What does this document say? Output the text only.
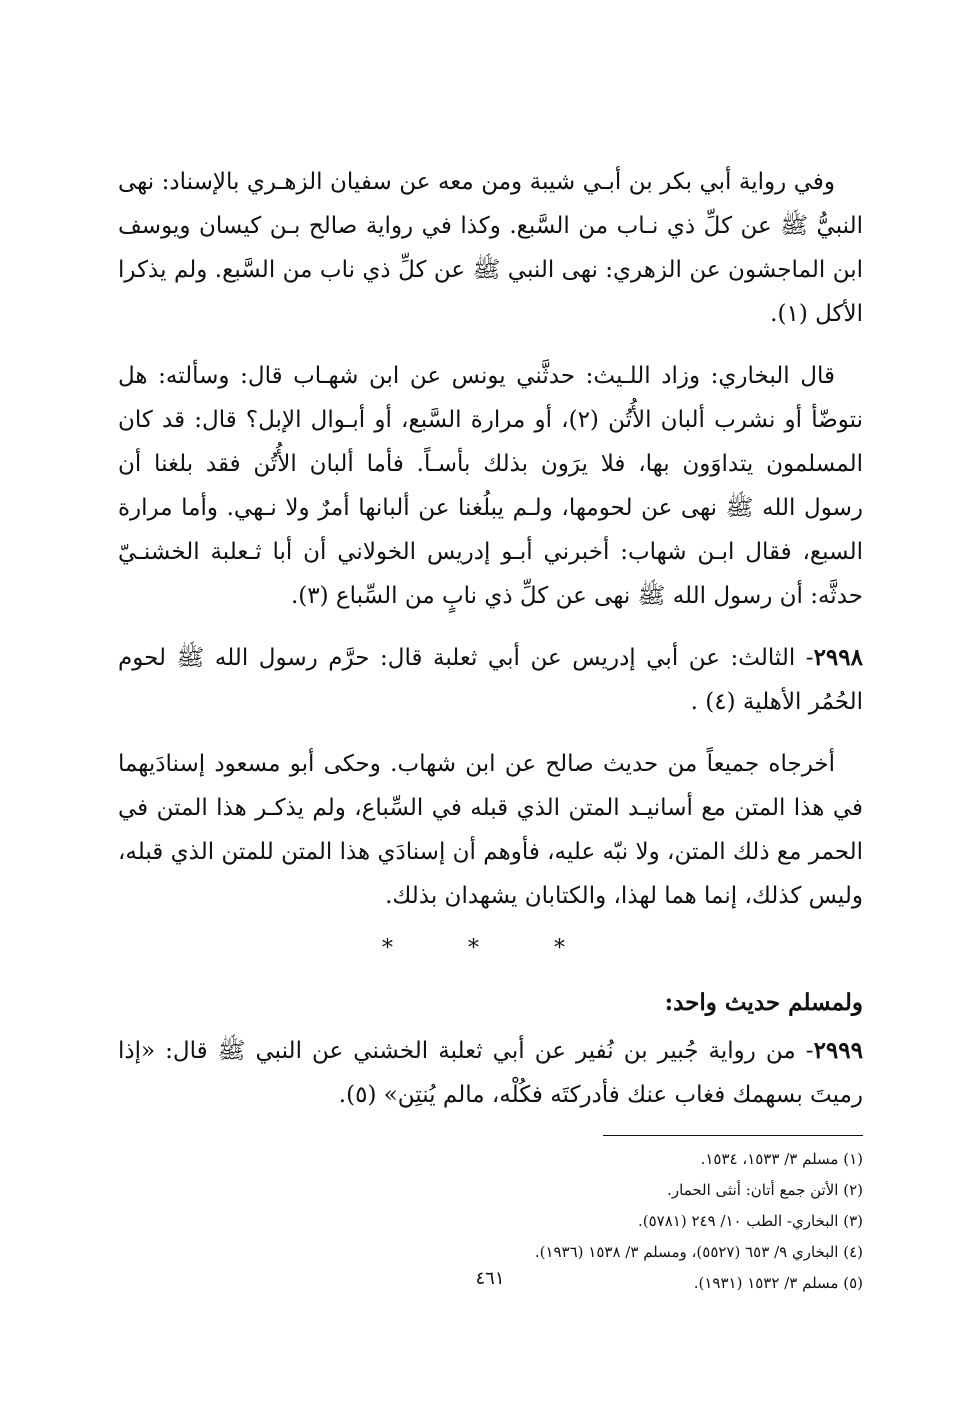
وفي رواية أبي بكر بن أبـي شيبة ومن معه عن سفيان الزهـري بالإسناد: نهى النبيُّ ﷺ عن كلِّ ذي نـاب من السَّبع. وكذا في رواية صالح بـن كيسان ويوسف ابن الماجشون عن الزهري: نهى النبي ﷺ عن كلِّ ذي ناب من السَّبع. ولم يذكرا الأكل (١).

قال البخاري: وزاد اللـيث: حدثَّني يونس عن ابن شهـاب قال: وسألته: هل نتوضّأ أو نشرب ألبان الأُتُن (٢)، أو مرارة السَّبع، أو أبـوال الإبل؟ قال: قد كان المسلمون يتداوَون بها، فلا يرَون بذلك بأسـاً. فأما ألبان الأُتُن فقد بلغنا أن رسول الله ﷺ نهى عن لحومها، ولـم يبلُغنا عن ألبانها أمرٌ ولا نـهي. وأما مرارة السبع، فقال ابـن شهاب: أخبرني أبـو إدريس الخولاني أن أبا ثـعلبة الخشنـيّ حدثَّه: أن رسول الله ﷺ نهى عن كلِّ ذي نابٍ من السِّباع (٣).

٢٩٩٨- الثالث: عن أبي إدريس عن أبي ثعلبة قال: حرَّم رسول الله ﷺ لحوم الحُمُر الأهلية (٤) .

أخرجاه جميعاً من حديث صالح عن ابن شهاب. وحكى أبو مسعود إسنادَيهما في هذا المتن مع أسانيـد المتن الذي قبله في السِّباع، ولم يذكـر هذا المتن في الحمر مع ذلك المتن، ولا نبّه عليه، فأوهم أن إسنادَي هذا المتن للمتن الذي قبله، وليس كذلك، إنما هما لهذا، والكتابان يشهدان بذلك.

* * *
ولمسلم حديث واحد:

٢٩٩٩- من رواية جُبير بن نُفير عن أبي ثعلبة الخشني عن النبي ﷺ قال: «إذا رميتَ بسهمك فغاب عنك فأدركتَه فكُلْه، مالم يُنتِن» (٥).

(١) مسلم ٣/ ١٥٣٣، ١٥٣٤.

(٢) الأتن جمع أتان: أنثى الحمار.

(٣) البخاري- الطب ١٠/ ٢٤٩ (٥٧٨١).

(٤) البخاري ٩/ ٦٥٣ (٥٥٢٧)، ومسلم ٣/ ١٥٣٨ (١٩٣٦).

(٥) مسلم ٣/ ١٥٣٢ (١٩٣١).

٤٦١
